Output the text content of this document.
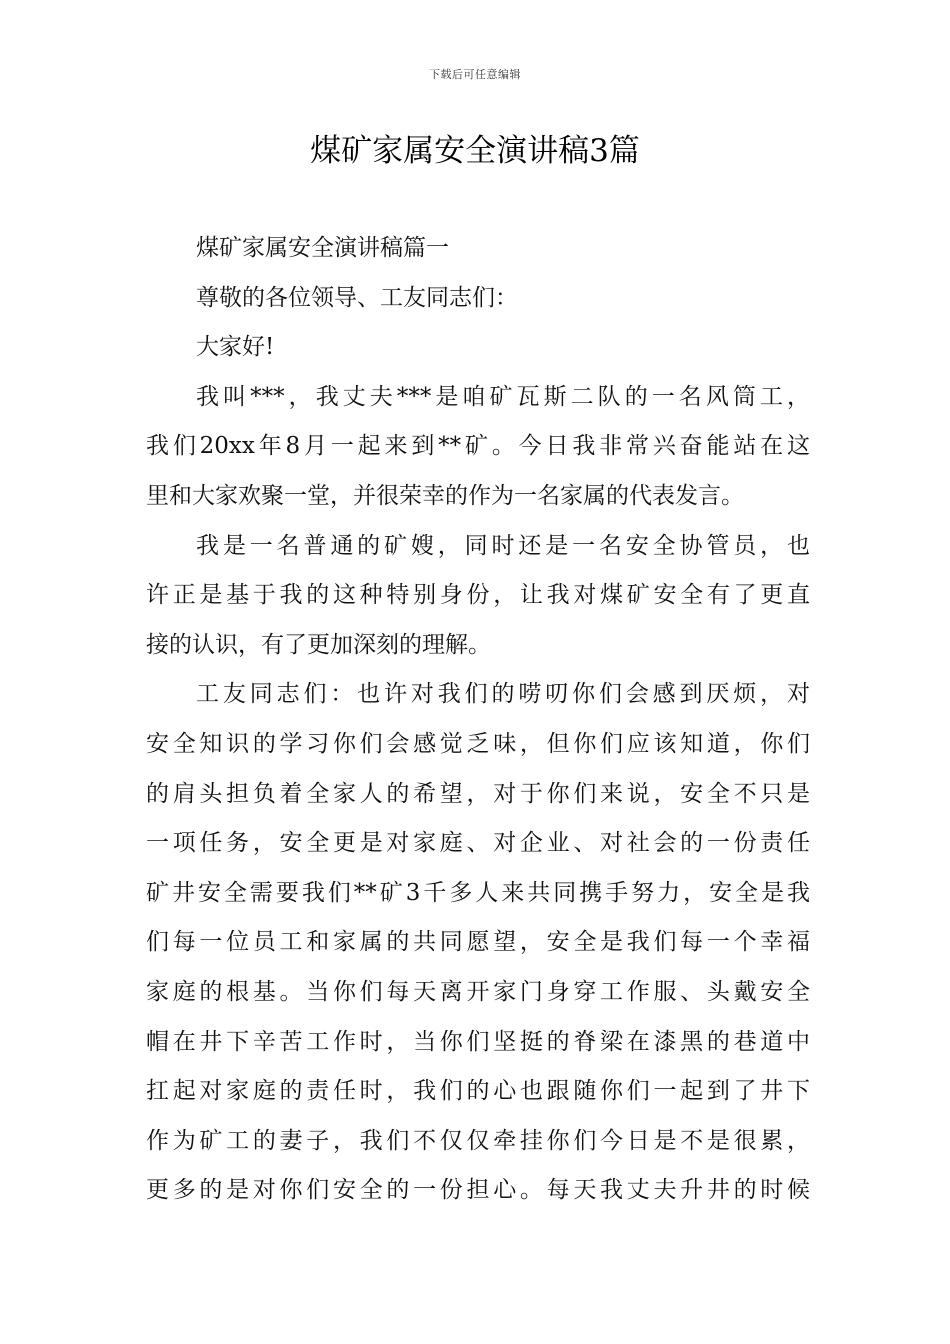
下载后可任意编辑
煤矿家属安全演讲稿3篇
煤矿家属安全演讲稿篇一
尊敬的各位领导、工友同志们：
大家好!
我叫***，我丈夫***是咱矿瓦斯二队的一名风筒工，
我们20xx年8月一起来到**矿。今日我非常兴奋能站在这
里和大家欢聚一堂，并很荣幸的作为一名家属的代表发言。
我是一名普通的矿嫂，同时还是一名安全协管员，也
许正是基于我的这种特别身份，让我对煤矿安全有了更直
接的认识，有了更加深刻的理解。
工友同志们：也许对我们的唠叨你们会感到厌烦，对
安全知识的学习你们会感觉乏味，但你们应该知道，你们
的肩头担负着全家人的希望，对于你们来说，安全不只是
一项任务，安全更是对家庭、对企业、对社会的一份责任
矿井安全需要我们**矿3千多人来共同携手努力，安全是我
们每一位员工和家属的共同愿望，安全是我们每一个幸福
家庭的根基。当你们每天离开家门身穿工作服、头戴安全
帽在井下辛苦工作时，当你们坚挺的脊梁在漆黑的巷道中
扛起对家庭的责任时，我们的心也跟随你们一起到了井下
作为矿工的妻子，我们不仅仅牵挂你们今日是不是很累，
更多的是对你们安全的一份担心。每天我丈夫升井的时候
